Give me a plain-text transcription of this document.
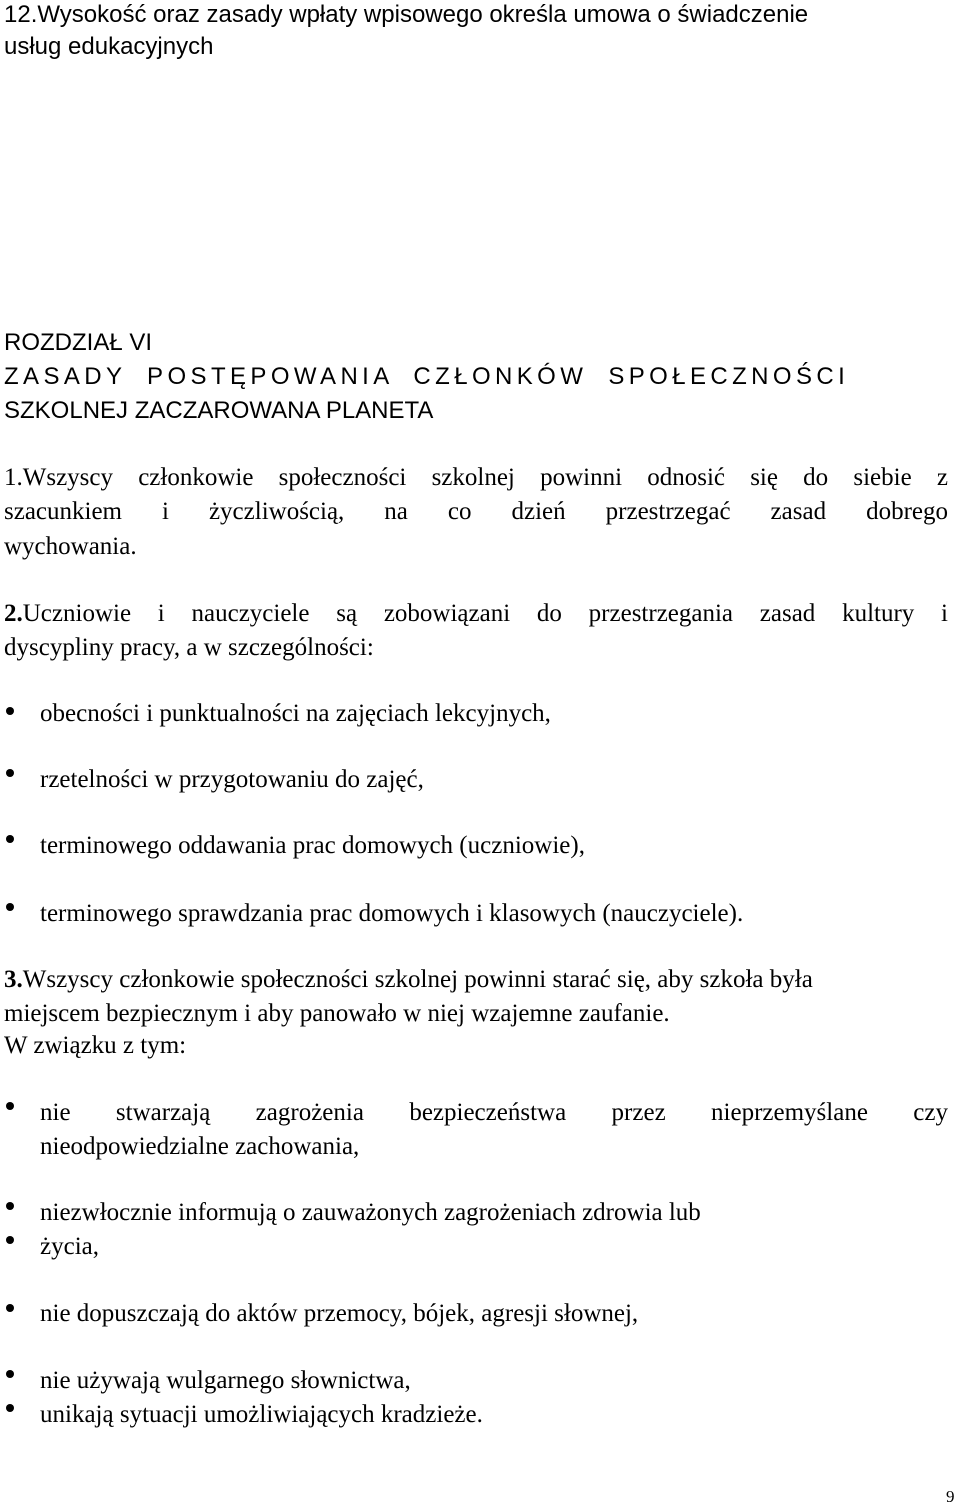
12.Wysokość oraz zasady wpłaty wpisowego określa umowa o świadczenie
usług edukacyjnych
ROZDZIAŁ VI
ZASADY POSTĘPOWANIA CZŁONKÓW SPOŁECZNOŚCI
SZKOLNEJ ZACZAROWANA PLANETA
1.Wszyscy członkowie społeczności szkolnej powinni odnosić się do siebie z
szacunkiem i życzliwością, na co dzień przestrzegać zasad dobrego
wychowania.
2.Uczniowie i nauczyciele są zobowiązani do przestrzegania zasad kultury i
dyscypliny pracy, a w szczególności:
obecności i punktualności na zajęciach lekcyjnych,
rzetelności w przygotowaniu do zajęć,
terminowego oddawania prac domowych (uczniowie),
terminowego sprawdzania prac domowych i klasowych (nauczyciele).
3.Wszyscy członkowie społeczności szkolnej powinni starać się, aby szkoła była
miejscem bezpiecznym i aby panowało w niej wzajemne zaufanie.
W związku z tym:
nie stwarzają zagrożenia bezpieczeństwa przez nieprzemyślane czy
nieodpowiedzialne zachowania,
niezwłocznie informują o zauważonych zagrożeniach zdrowia lub
życia,
nie dopuszczają do aktów przemocy, bójek, agresji słownej,
nie używają wulgarnego słownictwa,
unikają sytuacji umożliwiających kradzieże.
9
